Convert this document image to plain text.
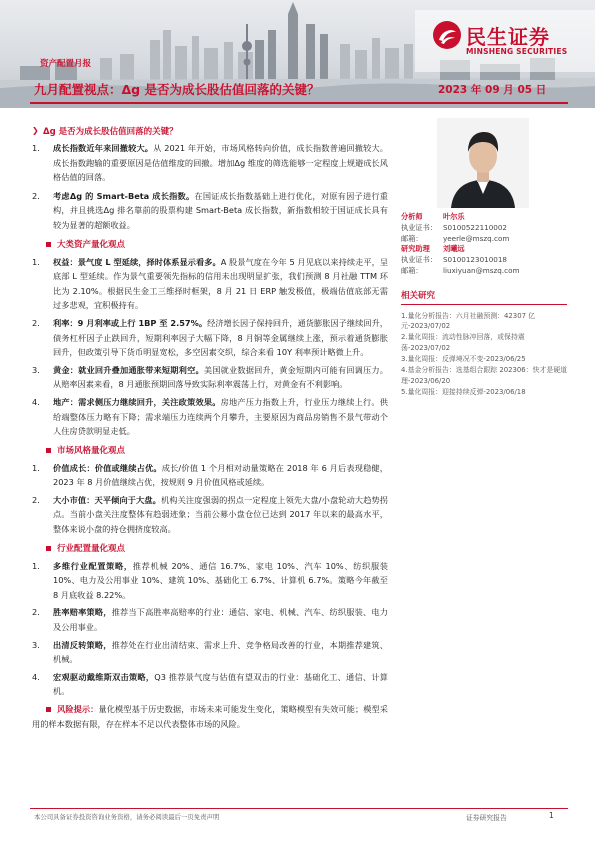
民生证券
MINSHENG SECURITIES
资产配置月报
九月配置视点：Δg 是否为成长股估值回落的关键？	2023 年 09 月 05 日
❯ Δg 是否为成长股估值回落的关键？
1.	成长指数近年来回撤较大。从 2021 年开始，市场风格转向价值，成长指数普遍回撤较大。成长指数跑输的重要原因是估值维度的回撤。增加Δg 维度的筛选能够一定程度上规避成长风格估值的回落。
2.	考虑Δg 的 Smart-Beta 成长指数。在国证成长指数基础上进行优化，对原有因子进行重构，并且挑选Δg 排名靠前的股票构建 Smart-Beta 成长指数，新指数相较于国证成长具有较为显著的超额收益。
大类资产量化观点
1.	权益：景气度 L 型延续，择时体系显示看多。A 股景气度在今年 5 月见底以来持续走平，呈底部 L 型延续。作为景气重要领先指标的信用未出现明显扩张，我们预测 8 月社融 TTM 环比为 2.10%。根据民生金工三维择时框架，8 月 21 日 ERP 触发极值，极端估值底部无需过多悲观，宜积极持有。
2.	利率：9 月利率或上行 1BP 至 2.57%。经济增长因子保持回升，通货膨胀因子继续回升，债务杠杆因子止跌回升，短期利率因子大幅下降，8 月铜等金属继续上涨，预示着通货膨胀回升，但政策引导下货币明显宽松，多空因素交织，综合来看 10Y 利率预计略微上升。
3.	黄金：就业回升叠加通胀带来短期利空。美国就业数据回升，黄金短期内可能有回调压力。从赔率因素来看，8 月通胀预期回落导致实际利率震荡上行，对黄金有不利影响。
4.	地产：需求侧压力继续回升，关注政策效果。房地产压力指数上升，行业压力继续上行。供给端整体压力略有下降；需求端压力连续两个月攀升，主要原因为商品房销售不景气带动个人住房贷款明显走低。
市场风格量化观点
1.	价值成长：价值或继续占优。成长/价值 1 个月相对动量策略在 2018 年 6 月后表现稳健，2023 年 8 月价值继续占优，按规则 9 月价值风格或延续。
2.	大小市值：天平倾向于大盘。机构关注度强弱的拐点一定程度上领先大盘/小盘轮动大趋势拐点。当前小盘关注度整体有趋弱迹象；当前公募小盘仓位已达到 2017 年以来的最高水平，整体来说小盘的持仓拥挤度较高。
行业配置量化观点
1.	多维行业配置策略，推荐机械 20%、通信 16.7%、家电 10%、汽车 10%、纺织服装 10%、电力及公用事业 10%、建筑 10%、基础化工 6.7%、计算机 6.7%。策略今年截至 8 月底收益 8.22%。
2.	胜率赔率策略，推荐当下高胜率高赔率的行业：通信、家电、机械、汽车、纺织服装、电力及公用事业。
3.	出清反转策略，推荐处在行业出清结束、需求上升、竞争格局改善的行业，本期推荐建筑、机械。
4.	宏观驱动戴维斯双击策略，Q3 推荐景气度与估值有望双击的行业：基础化工、通信、计算机。
风险提示：量化模型基于历史数据，市场未来可能发生变化，策略模型有失效可能；模型采用的样本数据有限，存在样本不足以代表整体市场的风险。
分析师	叶尔乐
执业证书： S0100522110002
邮箱：	yeerle@mszq.com
研究助理	刘曦远
执业证书： S0100123010018
邮箱：	liuxiyuan@mszq.com
相关研究
1.量化分析报告：六月社融预测：42307 亿元-2023/07/02
2.量化周报：流动性脉冲回落，或保持震荡-2023/07/02
3.量化周报：反弹境况不变-2023/06/25
4.基金分析报告：选基组合跟踪 202306：快才是硬道理-2023/06/20
5.量化周报：迎接持续反弹-2023/06/18
本公司具备证券投资咨询业务资格，请务必阅读最后一页免责声明	证券研究报告	1
